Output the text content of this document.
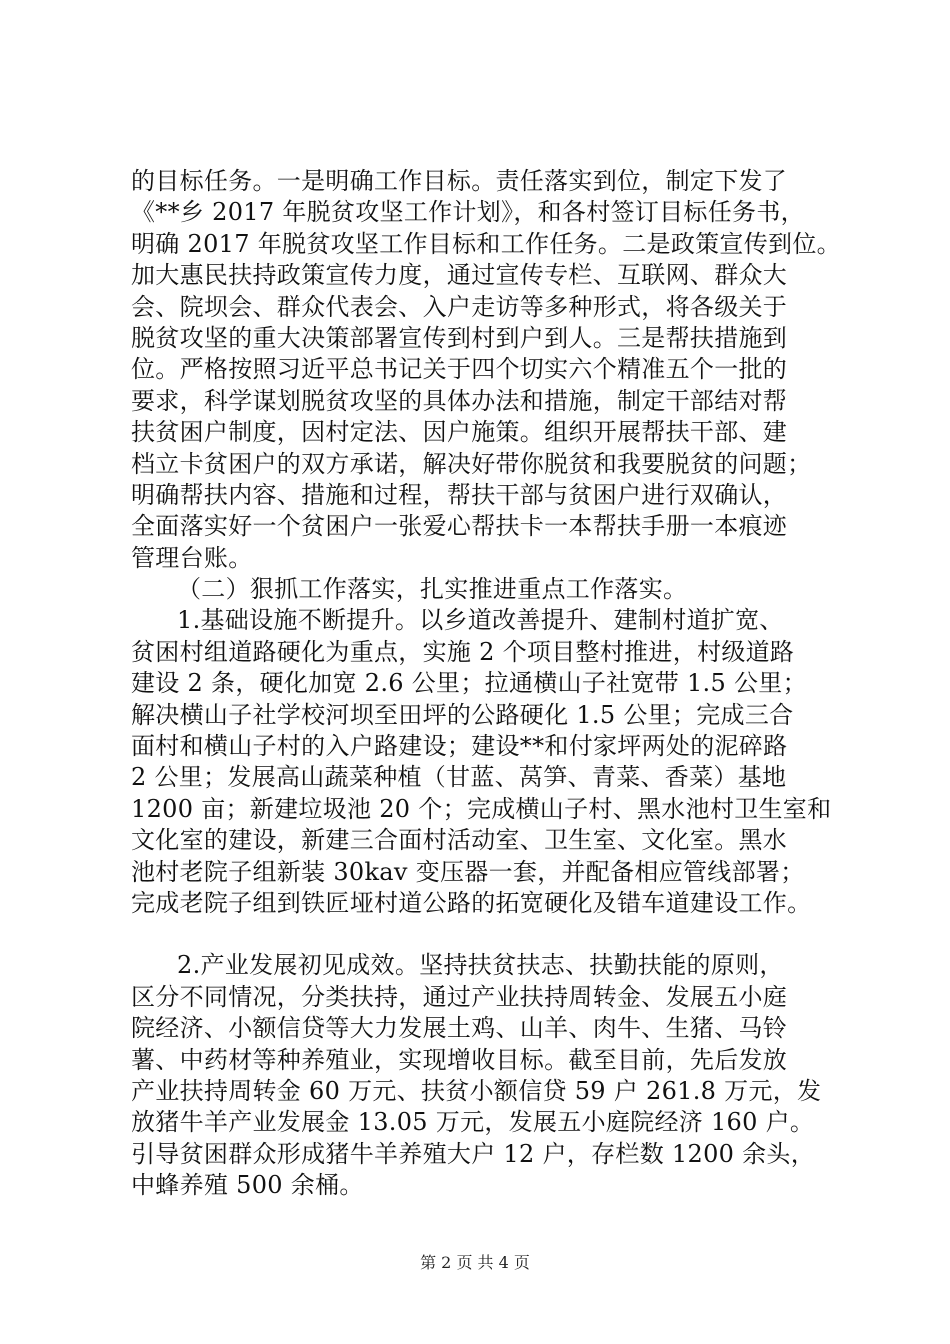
的目标任务。一是明确工作目标。责任落实到位，制定下发了
《**乡 2017 年脱贫攻坚工作计划》，和各村签订目标任务书，
明确 2017 年脱贫攻坚工作目标和工作任务。二是政策宣传到位。
加大惠民扶持政策宣传力度，通过宣传专栏、互联网、群众大
会、院坝会、群众代表会、入户走访等多种形式，将各级关于
脱贫攻坚的重大决策部署宣传到村到户到人。三是帮扶措施到
位。严格按照习近平总书记关于四个切实六个精准五个一批的
要求，科学谋划脱贫攻坚的具体办法和措施，制定干部结对帮
扶贫困户制度，因村定法、因户施策。组织开展帮扶干部、建
档立卡贫困户的双方承诺，解决好带你脱贫和我要脱贫的问题；
明确帮扶内容、措施和过程，帮扶干部与贫困户进行双确认，
全面落实好一个贫困户一张爱心帮扶卡一本帮扶手册一本痕迹
管理台账。
（二）狠抓工作落实，扎实推进重点工作落实。
1.基础设施不断提升。以乡道改善提升、建制村道扩宽、
贫困村组道路硬化为重点，实施 2 个项目整村推进，村级道路
建设 2 条，硬化加宽 2.6 公里；拉通横山子社宽带 1.5 公里；
解决横山子社学校河坝至田坪的公路硬化 1.5 公里；完成三合
面村和横山子村的入户路建设；建设**和付家坪两处的泥碎路
2 公里；发展高山蔬菜种植（甘蓝、莴笋、青菜、香菜）基地
1200 亩；新建垃圾池 20 个；完成横山子村、黑水池村卫生室和
文化室的建设，新建三合面村活动室、卫生室、文化室。黑水
池村老院子组新装 30kav 变压器一套，并配备相应管线部署；
完成老院子组到铁匠垭村道公路的拓宽硬化及错车道建设工作。
2.产业发展初见成效。坚持扶贫扶志、扶勤扶能的原则，
区分不同情况，分类扶持，通过产业扶持周转金、发展五小庭
院经济、小额信贷等大力发展土鸡、山羊、肉牛、生猪、马铃
薯、中药材等种养殖业，实现增收目标。截至目前，先后发放
产业扶持周转金 60 万元、扶贫小额信贷 59 户 261.8 万元，发
放猪牛羊产业发展金 13.05 万元，发展五小庭院经济 160 户。
引导贫困群众形成猪牛羊养殖大户 12 户，存栏数 1200 余头，
中蜂养殖 500 余桶。
第 2 页 共 4 页
